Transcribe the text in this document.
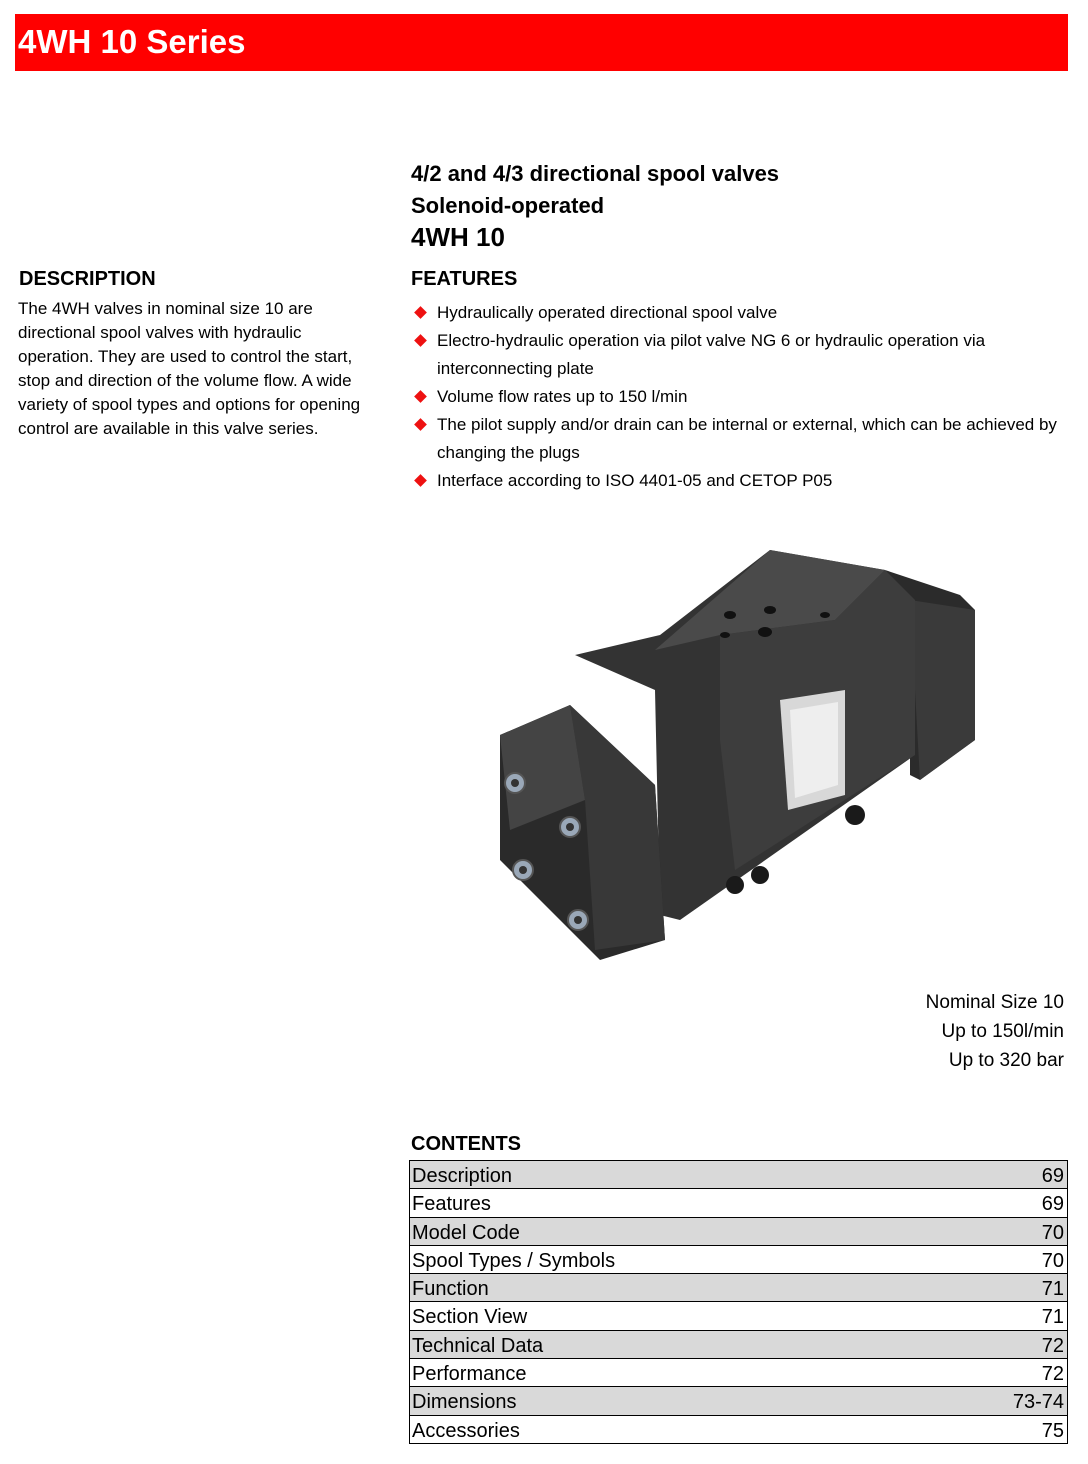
4WH 10 Series
4/2 and 4/3 directional spool valves
Solenoid-operated
4WH 10
DESCRIPTION
The 4WH valves in nominal size 10 are directional spool valves with hydraulic operation. They are used to control the start, stop and direction of the volume flow. A wide variety of spool types and options for opening control are available in this valve series.
FEATURES
Hydraulically operated directional spool valve
Electro-hydraulic operation via pilot valve NG 6 or hydraulic operation via interconnecting plate
Volume flow rates up to 150 l/min
The pilot supply and/or drain can be internal or external, which can be achieved by changing the plugs
Interface according to ISO 4401-05 and CETOP P05
Nominal Size 10
Up to 150l/min
Up to 320 bar
CONTENTS
Description	69
Features	69
Model Code	70
Spool Types / Symbols	70
Function	71
Section View	71
Technical Data	72
Performance	72
Dimensions	73-74
Accessories	75
